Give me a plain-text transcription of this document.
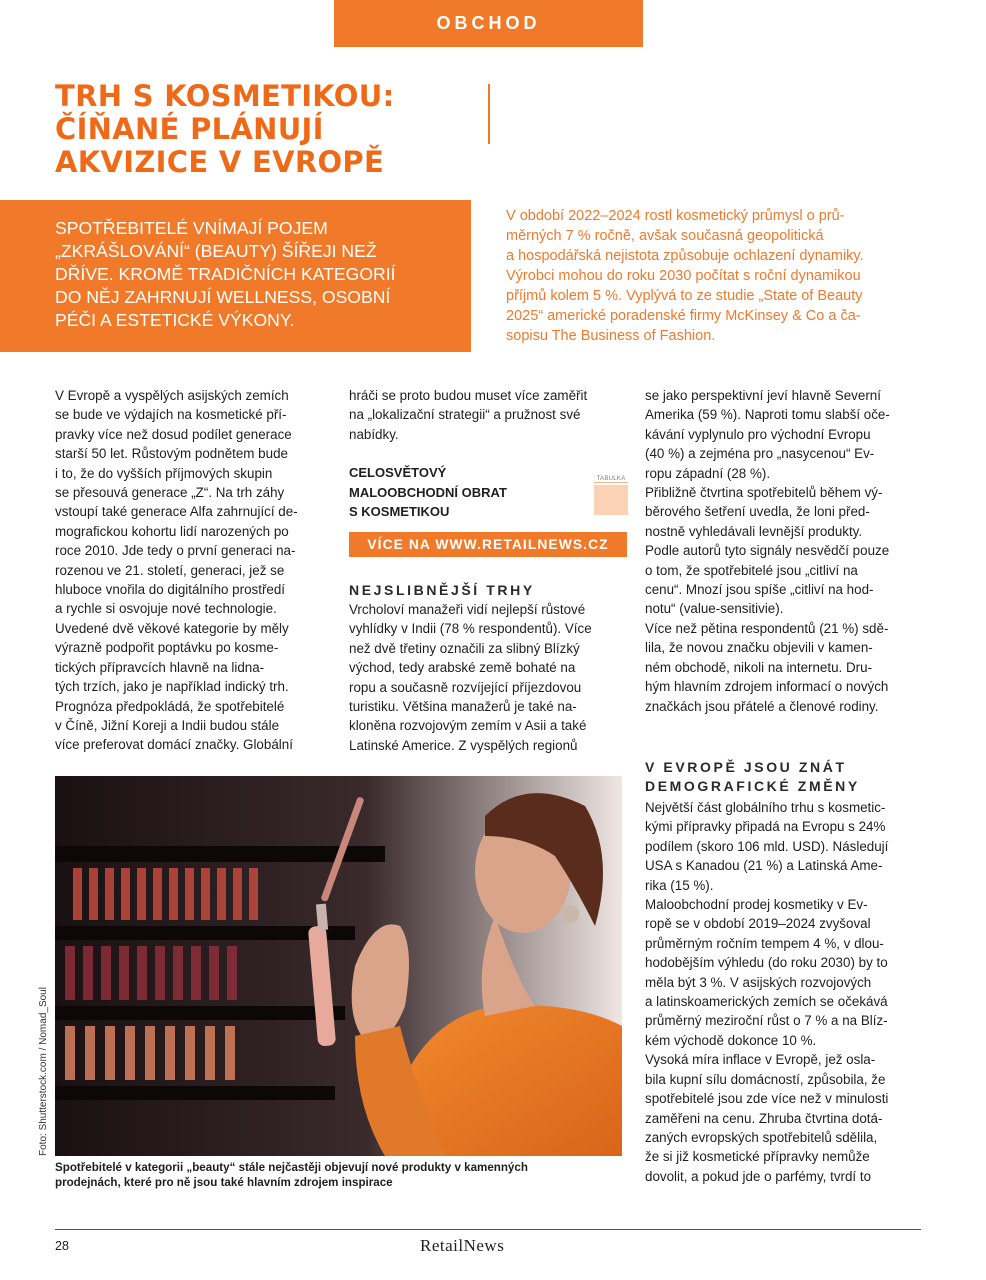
OBCHOD
TRH S KOSMETIKOU:
ČÍŇANÉ PLÁNUJÍ
AKVIZICE V EVROPĚ
SPOTŘEBITELÉ VNÍMAJÍ POJEM
„ZKRÁŠLOVÁNÍ“ (BEAUTY) ŠÍŘEJI NEŽ
DŘÍVE. KROMĚ TRADIČNÍCH KATEGORIÍ
DO NĚJ ZAHRNUJÍ WELLNESS, OSOBNÍ
PÉČI A ESTETICKÉ VÝKONY.
V období 2022–2024 rostl kosmetický průmysl o prů-
měrných 7 % ročně, avšak současná geopolitická
a hospodářská nejistota způsobuje ochlazení dynamiky.
Výrobci mohou do roku 2030 počítat s roční dynamikou
příjmů kolem 5 %. Vyplývá to ze studie „State of Beauty
2025“ americké poradenské firmy McKinsey & Co a ča-
sopisu The Business of Fashion.
V Evropě a vyspělých asijských zemích
se bude ve výdajích na kosmetické pří-
pravky více než dosud podílet generace
starší 50 let. Růstovým podnětem bude
i to, že do vyšších příjmových skupin
se přesouvá generace „Z“. Na trh záhy
vstoupí také generace Alfa zahrnující de-
mografickou kohortu lidí narozených po
roce 2010. Jde tedy o první generaci na-
rozenou ve 21. století, generaci, jež se
hluboce vnořila do digitálního prostředí
a rychle si osvojuje nové technologie.
Uvedené dvě věkové kategorie by měly
výrazně podpořit poptávku po kosme-
tických přípravcích hlavně na lidna-
tých trzích, jako je například indický trh.
Prognóza předpokládá, že spotřebitelé
v Číně, Jižní Koreji a Indii budou stále
více preferovat domácí značky. Globální
hráči se proto budou muset více zaměřit
na „lokalizační strategii“ a pružnost své
nabídky.
CELOSVĚTOVÝ
MALOOBCHODNÍ OBRAT
S KOSMETIKOU
TABULKA
VÍCE NA WWW.RETAILNEWS.CZ
NEJSLIBNĚJŠÍ TRHY
Vrcholoví manažeři vidí nejlepší růstové
vyhlídky v Indii (78 % respondentů). Více
než dvě třetiny označili za slibný Blízký
východ, tedy arabské země bohaté na
ropu a současně rozvíjející příjezdovou
turistiku. Většina manažerů je také na-
kloněna rozvojovým zemím v Asii a také
Latinské Americe. Z vyspělých regionů
se jako perspektivní jeví hlavně Severní
Amerika (59 %). Naproti tomu slabší oče-
kávání vyplynulo pro východní Evropu
(40 %) a zejména pro „nasycenou“ Ev-
ropu západní (28 %).
Přibližně čtvrtina spotřebitelů během vý-
běrového šetření uvedla, že loni před-
nostně vyhledávali levnější produkty.
Podle autorů tyto signály nesvědčí pouze
o tom, že spotřebitelé jsou „citliví na
cenu“. Mnozí jsou spíše „citliví na hod-
notu“ (value-sensitivie).
Více než pětina respondentů (21 %) sdě-
lila, že novou značku objevili v kamen-
ném obchodě, nikoli na internetu. Dru-
hým hlavním zdrojem informací o nových
značkách jsou přátelé a členové rodiny.
V EVROPĚ JSOU ZNÁT
DEMOGRAFICKÉ ZMĚNY
Největší část globálního trhu s kosmetic-
kými přípravky připadá na Evropu s 24%
podílem (skoro 106 mld. USD). Následují
USA s Kanadou (21 %) a Latinská Ame-
rika (15 %).
Maloobchodní prodej kosmetiky v Ev-
ropě se v období 2019–2024 zvyšoval
průměrným ročním tempem 4 %, v dlou-
hodobějším výhledu (do roku 2030) by to
měla být 3 %. V asijských rozvojových
a latinskoamerických zemích se očekává
průměrný meziroční růst o 7 % a na Blíz-
kém východě dokonce 10 %.
Vysoká míra inflace v Evropě, jež osla-
bila kupní sílu domácností, způsobila, že
spotřebitelé jsou zde více než v minulosti
zaměřeni na cenu. Zhruba čtvrtina dotá-
zaných evropských spotřebitelů sdělila,
že si již kosmetické přípravky nemůže
dovolit, a pokud jde o parfémy, tvrdí to
Foto: Shutterstock.com / Nomad_Soul
Spotřebitelé v kategorii „beauty“ stále nejčastěji objevují nové produkty v kamenných
prodejnách, které pro ně jsou také hlavním zdrojem inspirace
28	RetailNews
